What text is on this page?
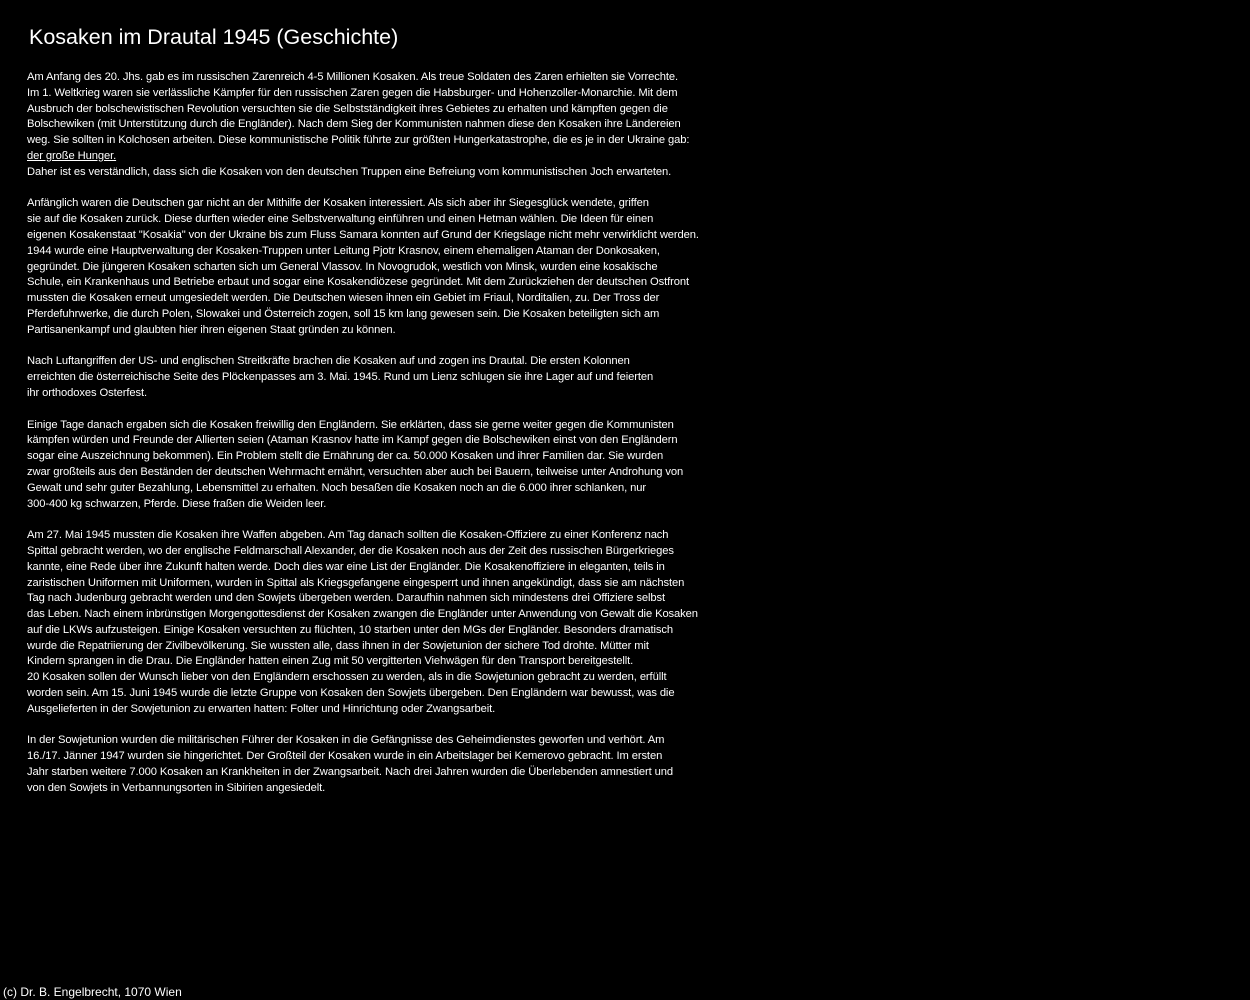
Kosaken im Drautal 1945 (Geschichte)

Am Anfang des 20. Jhs. gab es im russischen Zarenreich 4-5 Millionen Kosaken. Als treue Soldaten des Zaren erhielten sie Vorrechte.
Im 1. Weltkrieg waren sie verlässliche Kämpfer für den russischen Zaren gegen die Habsburger- und Hohenzoller-Monarchie. Mit dem
Ausbruch der bolschewistischen Revolution versuchten sie die Selbstständigkeit ihres Gebietes zu erhalten und kämpften gegen die
Bolschewiken (mit Unterstützung durch die Engländer). Nach dem Sieg der Kommunisten nahmen diese den Kosaken ihre Ländereien
weg. Sie sollten in Kolchosen arbeiten. Diese kommunistische Politik führte zur größten Hungerkatastrophe, die es je in der Ukraine gab:
der große Hunger.
Daher ist es verständlich, dass sich die Kosaken von den deutschen Truppen eine Befreiung vom kommunistischen Joch erwarteten.

Anfänglich waren die Deutschen gar nicht an der Mithilfe der Kosaken interessiert. Als sich aber ihr Siegesglück wendete, griffen
sie auf die Kosaken zurück. Diese durften wieder eine Selbstverwaltung einführen und einen Hetman wählen. Die Ideen für einen
eigenen Kosakenstaat "Kosakia" von der Ukraine bis zum Fluss Samara konnten auf Grund der Kriegslage nicht mehr verwirklicht werden.
1944 wurde eine Hauptverwaltung der Kosaken-Truppen unter Leitung Pjotr Krasnov, einem ehemaligen Ataman der Donkosaken,
gegründet. Die jüngeren Kosaken scharten sich um General Vlassov. In Novogrudok, westlich von Minsk, wurden eine kosakische
Schule, ein Krankenhaus und Betriebe erbaut und sogar eine Kosakendiözese gegründet. Mit dem Zurückziehen der deutschen Ostfront
mussten die Kosaken erneut umgesiedelt werden. Die Deutschen wiesen ihnen ein Gebiet im Friaul, Norditalien, zu. Der Tross der
Pferdefuhrwerke, die durch Polen, Slowakei und Österreich zogen, soll 15 km lang gewesen sein. Die Kosaken beteiligten sich am
Partisanenkampf und glaubten hier ihren eigenen Staat gründen zu können.

Nach Luftangriffen der US- und englischen Streitkräfte brachen die Kosaken auf und zogen ins Drautal. Die ersten Kolonnen
erreichten die österreichische Seite des Plöckenpasses am 3. Mai. 1945. Rund um Lienz schlugen sie ihre Lager auf und feierten
ihr orthodoxes Osterfest.

Einige Tage danach ergaben sich die Kosaken freiwillig den Engländern. Sie erklärten, dass sie gerne weiter gegen die Kommunisten
kämpfen würden und Freunde der Allierten seien (Ataman Krasnov hatte im Kampf gegen die Bolschewiken einst von den Engländern
sogar eine Auszeichnung bekommen). Ein Problem stellt die Ernährung der ca. 50.000 Kosaken und ihrer Familien dar. Sie wurden
zwar großteils aus den Beständen der deutschen Wehrmacht ernährt, versuchten aber auch bei Bauern, teilweise unter Androhung von
Gewalt und sehr guter Bezahlung, Lebensmittel zu erhalten. Noch besaßen die Kosaken noch an die 6.000 ihrer schlanken, nur
300-400 kg schwarzen, Pferde. Diese fraßen die Weiden leer.

Am 27. Mai 1945 mussten die Kosaken ihre Waffen abgeben. Am Tag danach sollten die Kosaken-Offiziere zu einer Konferenz nach
Spittal gebracht werden, wo der englische Feldmarschall Alexander, der die Kosaken noch aus der Zeit des russischen Bürgerkrieges
kannte, eine Rede über ihre Zukunft halten werde. Doch dies war eine List der Engländer. Die Kosakenoffiziere in eleganten, teils in
zaristischen Uniformen mit Uniformen, wurden in Spittal als Kriegsgefangene eingesperrt und ihnen angekündigt, dass sie am nächsten
Tag nach Judenburg gebracht werden und den Sowjets übergeben werden. Daraufhin nahmen sich mindestens drei Offiziere selbst
das Leben. Nach einem inbrünstigen Morgengottesdienst der Kosaken zwangen die Engländer unter Anwendung von Gewalt die Kosaken
auf die LKWs aufzusteigen. Einige Kosaken versuchten zu flüchten, 10 starben unter den MGs der Engländer. Besonders dramatisch
wurde die Repatriierung der Zivilbevölkerung. Sie wussten alle, dass ihnen in der Sowjetunion der sichere Tod drohte. Mütter mit
Kindern sprangen in die Drau. Die Engländer hatten einen Zug mit 50 vergitterten Viehwägen für den Transport bereitgestellt.
20 Kosaken sollen der Wunsch lieber von den Engländern erschossen zu werden, als in die Sowjetunion gebracht zu werden, erfüllt
worden sein. Am 15. Juni 1945 wurde die letzte Gruppe von Kosaken den Sowjets übergeben. Den Engländern war bewusst, was die
Ausgelieferten in der Sowjetunion zu erwarten hatten: Folter und Hinrichtung oder Zwangsarbeit.

In der Sowjetunion wurden die militärischen Führer der Kosaken in die Gefängnisse des Geheimdienstes geworfen und verhört. Am
16./17. Jänner 1947 wurden sie hingerichtet. Der Großteil der Kosaken wurde in ein Arbeitslager bei Kemerovo gebracht. Im ersten
Jahr starben weitere 7.000 Kosaken an Krankheiten in der Zwangsarbeit. Nach drei Jahren wurden die Überlebenden amnestiert und
von den Sowjets in Verbannungsorten in Sibirien angesiedelt.

(c) Dr. B. Engelbrecht, 1070 Wien
